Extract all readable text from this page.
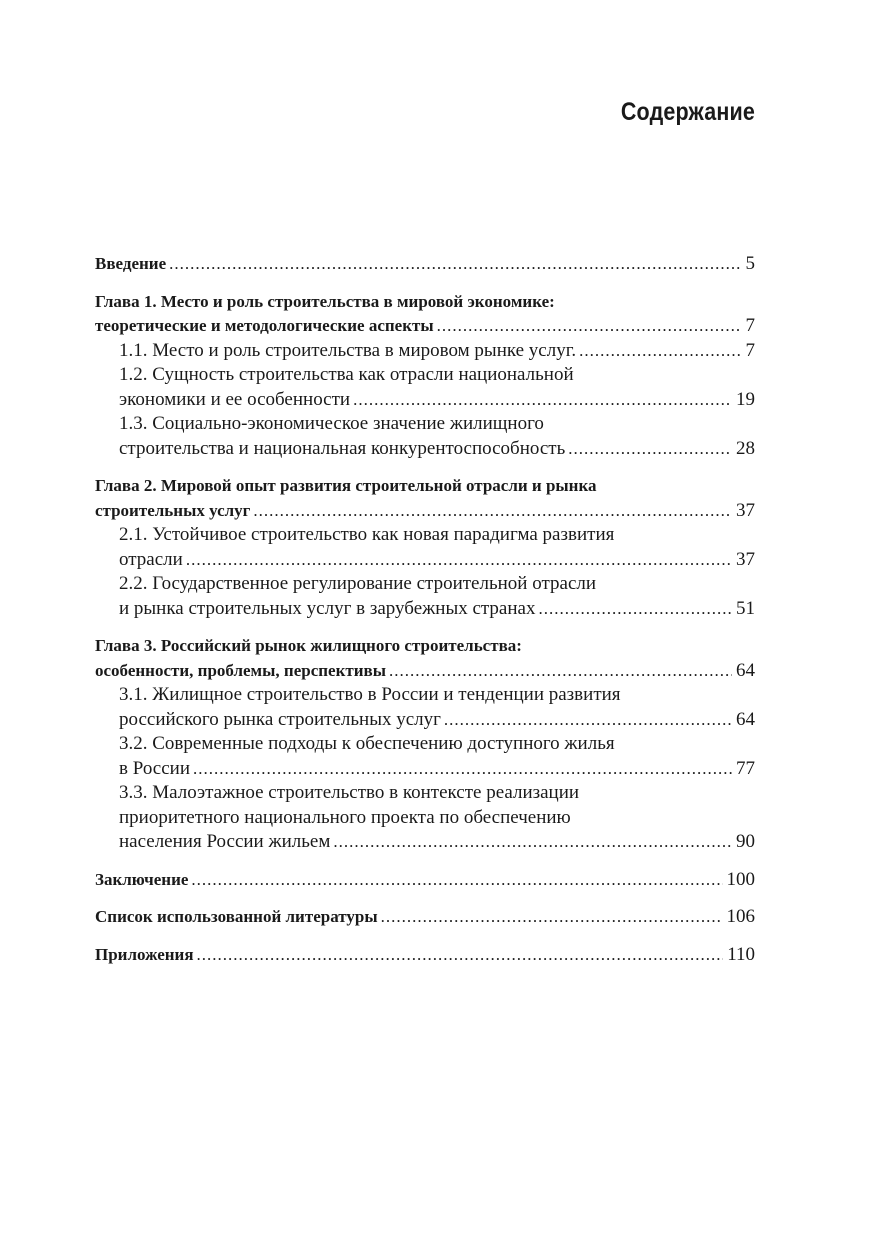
Содержание
Введение .....	5
Глава 1. Место и роль строительства в мировой экономике:
теоретические и методологические аспекты .....	7
1.1. Место и роль строительства в мировом рынке услуг. .....	7
1.2. Сущность строительства как отрасли национальной
экономики и ее особенности .....	19
1.3. Социально-экономическое значение жилищного
строительства и национальная конкурентоспособность .....	28
Глава 2. Мировой опыт развития строительной отрасли и рынка
строительных услуг .....	37
2.1. Устойчивое строительство как новая парадигма развития
отрасли .....	37
2.2. Государственное регулирование строительной отрасли
и рынка строительных услуг в зарубежных странах .....	51
Глава 3. Российский рынок жилищного строительства:
особенности, проблемы, перспективы .....	64
3.1. Жилищное строительство в России и тенденции развития
российского рынка строительных услуг .....	64
3.2. Современные подходы к обеспечению доступного жилья
в России .....	77
3.3. Малоэтажное строительство в контексте реализации
приоритетного национального проекта по обеспечению
населения России жильем .....	90
Заключение .....	100
Список использованной литературы .....	106
Приложения .....	110
